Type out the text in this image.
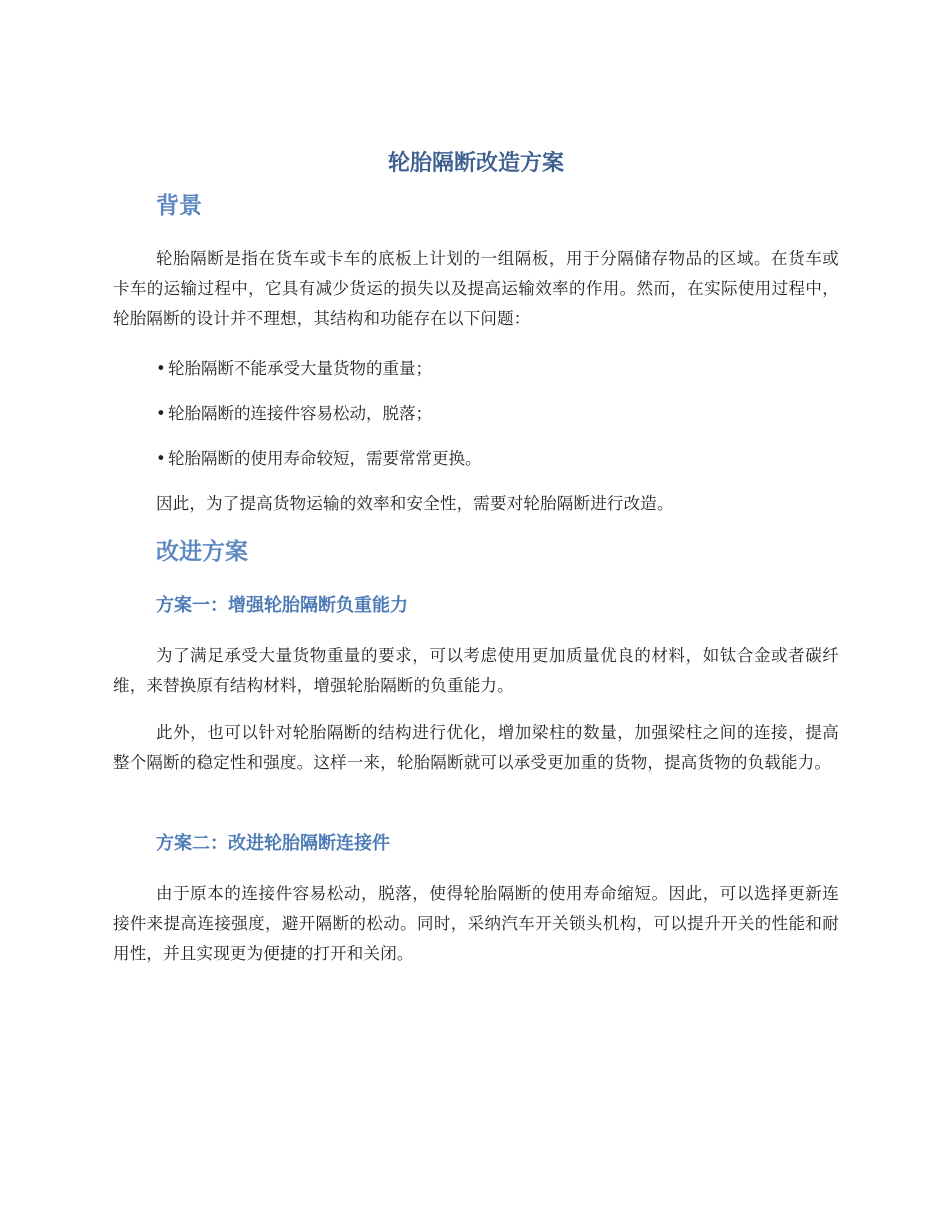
轮胎隔断改造方案
背景

轮胎隔断是指在货车或卡车的底板上计划的一组隔板，用于分隔储存物品的区域。在货车或卡车的运输过程中，它具有减少货运的损失以及提高运输效率的作用。然而，在实际使用过程中，轮胎隔断的设计并不理想，其结构和功能存在以下问题：

• 轮胎隔断不能承受大量货物的重量；

• 轮胎隔断的连接件容易松动，脱落；

• 轮胎隔断的使用寿命较短，需要常常更换。

因此，为了提高货物运输的效率和安全性，需要对轮胎隔断进行改造。

改进方案
方案一：增强轮胎隔断负重能力

为了满足承受大量货物重量的要求，可以考虑使用更加质量优良的材料，如钛合金或者碳纤维，来替换原有结构材料，增强轮胎隔断的负重能力。

此外，也可以针对轮胎隔断的结构进行优化，增加梁柱的数量，加强梁柱之间的连接，提高整个隔断的稳定性和强度。这样一来，轮胎隔断就可以承受更加重的货物，提高货物的负载能力。

方案二：改进轮胎隔断连接件

由于原本的连接件容易松动，脱落，使得轮胎隔断的使用寿命缩短。因此，可以选择更新连接件来提高连接强度，避开隔断的松动。同时，采纳汽车开关锁头机构，可以提升开关的性能和耐用性，并且实现更为便捷的打开和关闭。
